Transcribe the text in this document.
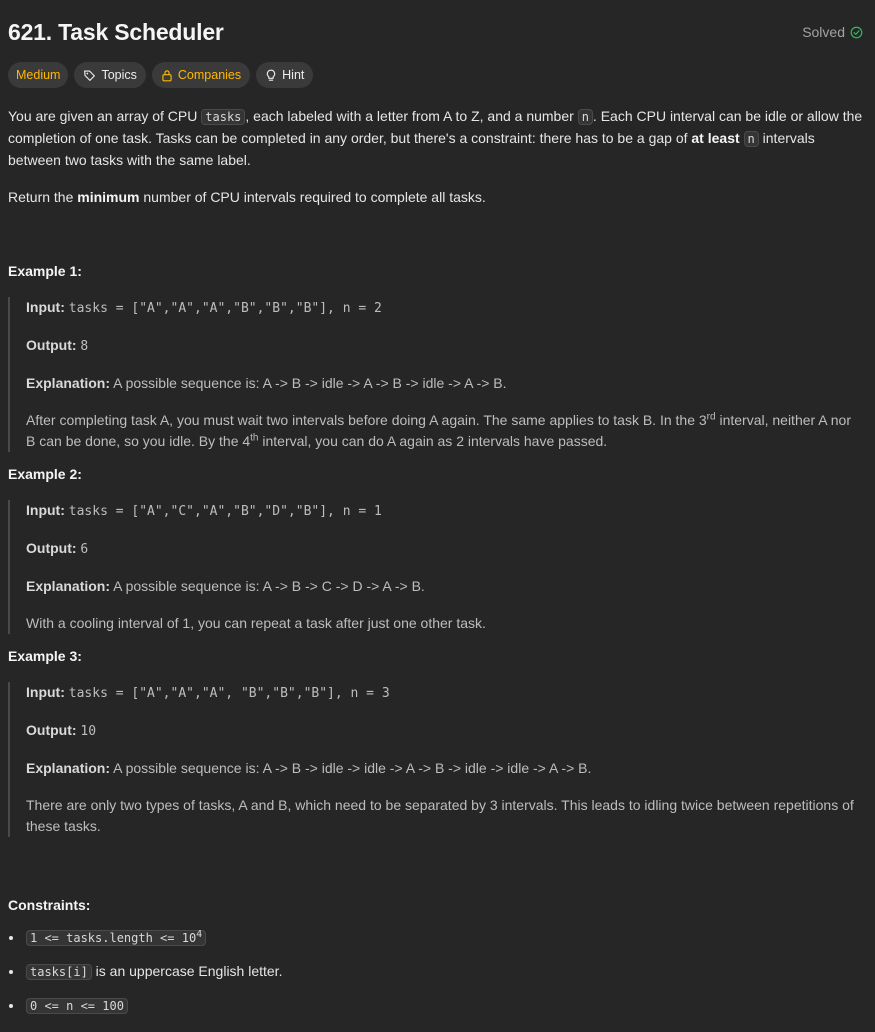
621. Task Scheduler	Solved
Medium	Topics	Companies	Hint

You are given an array of CPU tasks , each labeled with a letter from A to Z, and a number n . Each CPU interval can be idle or allow the completion of one task. Tasks can be completed in any order, but there's a constraint: there has to be a gap of at least n intervals between two tasks with the same label.

Return the minimum number of CPU intervals required to complete all tasks.

Example 1:
Input: tasks = ["A","A","A","B","B","B"], n = 2
Output: 8
Explanation: A possible sequence is: A -> B -> idle -> A -> B -> idle -> A -> B.
After completing task A, you must wait two intervals before doing A again. The same applies to task B. In the 3rd interval, neither A nor B can be done, so you idle. By the 4th interval, you can do A again as 2 intervals have passed.
Example 2:
Input: tasks = ["A","C","A","B","D","B"], n = 1
Output: 6
Explanation: A possible sequence is: A -> B -> C -> D -> A -> B.
With a cooling interval of 1, you can repeat a task after just one other task.
Example 3:
Input: tasks = ["A","A","A", "B","B","B"], n = 3
Output: 10
Explanation: A possible sequence is: A -> B -> idle -> idle -> A -> B -> idle -> idle -> A -> B.
There are only two types of tasks, A and B, which need to be separated by 3 intervals. This leads to idling twice between repetitions of these tasks.
Constraints:
• 1 <= tasks.length <= $10^4$
• tasks[i] is an uppercase English letter.
• 0 <= n <= 100
